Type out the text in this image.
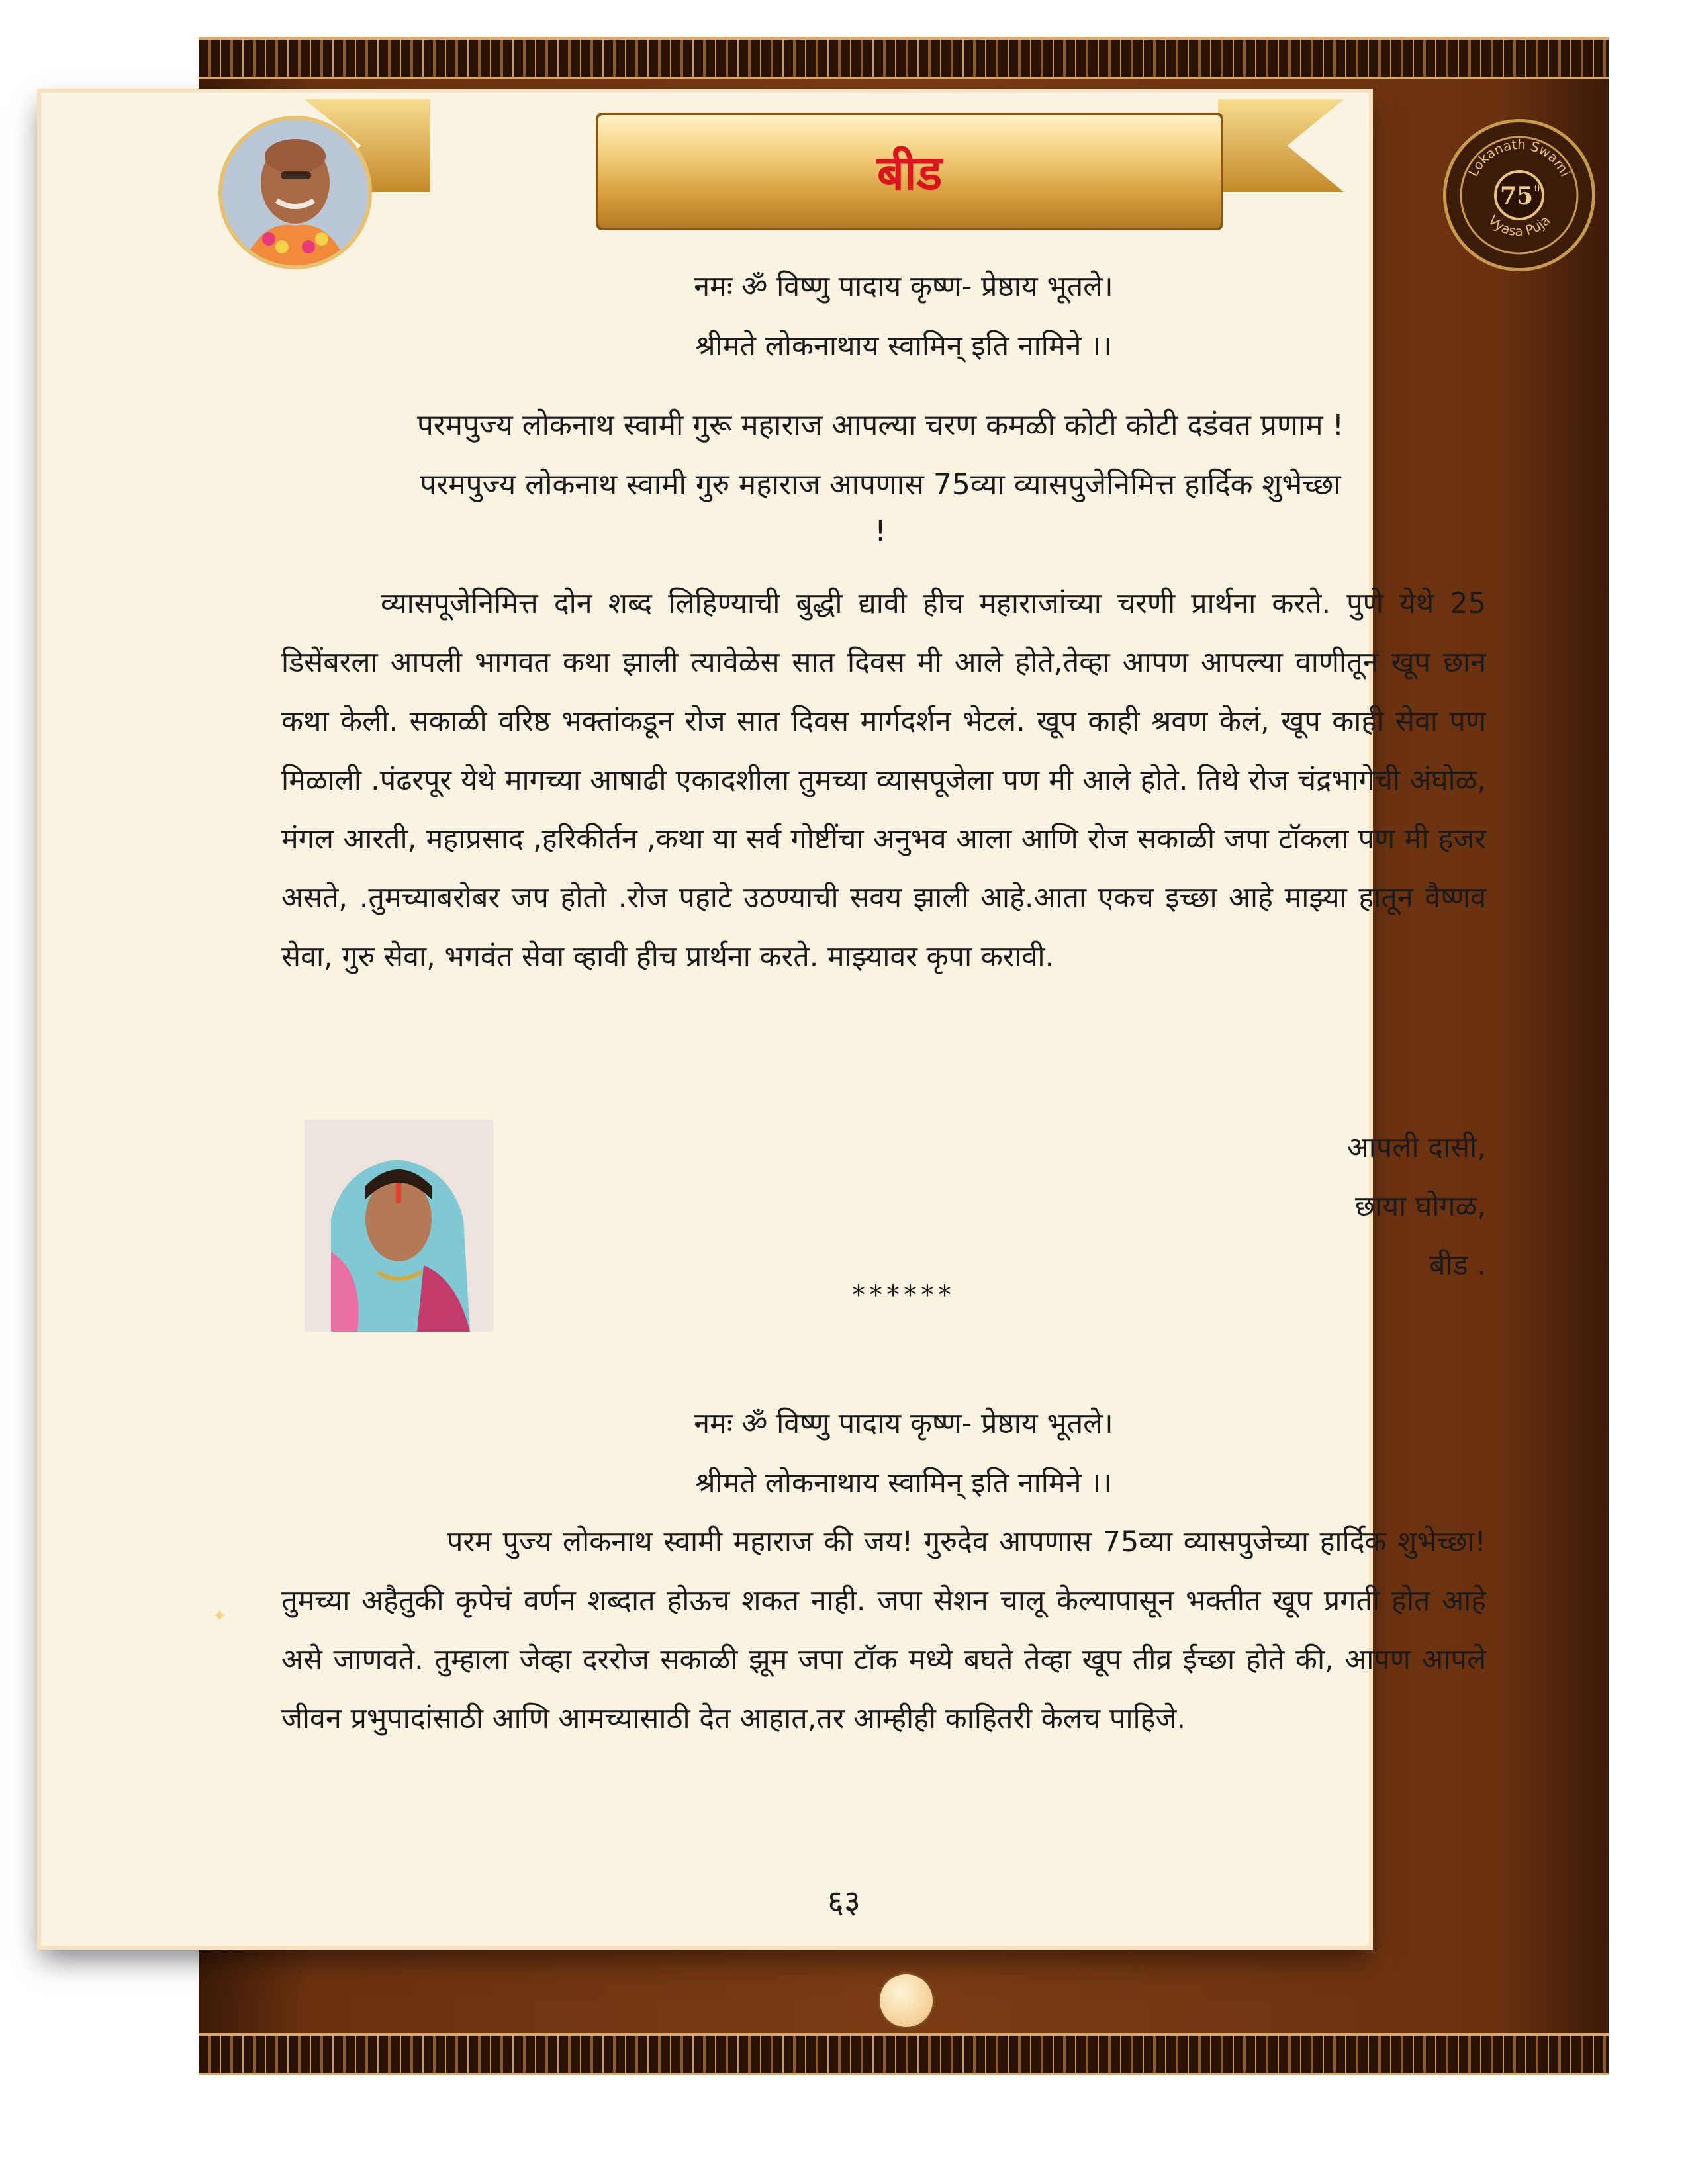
बीड	Lokanath Swami
75 th
Vyasa Puja
नमः ॐ विष्णु पादाय कृष्ण- प्रेष्ठाय भूतले।
श्रीमते लोकनाथाय स्वामिन् इति नामिने ।।
परमपुज्य लोकनाथ स्वामी गुरू महाराज आपल्या चरण कमळी कोटी कोटी दडंवत प्रणाम !
परमपुज्य लोकनाथ स्वामी गुरु महाराज आपणास 75व्या व्यासपुजेनिमित्त हार्दिक शुभेच्छा
!
व्यासपूजेनिमित्त दोन शब्द लिहिण्याची बुद्धी द्यावी हीच महाराजांच्या चरणी प्रार्थना करते. पुणे येथे 25 डिसेंबरला आपली भागवत कथा झाली त्यावेळेस सात दिवस मी आले होते,तेव्हा आपण आपल्या वाणीतून खूप छान कथा केली. सकाळी वरिष्ठ भक्तांकडून रोज सात दिवस मार्गदर्शन भेटलं. खूप काही श्रवण केलं, खूप काही सेवा पण मिळाली .पंढरपूर येथे मागच्या आषाढी एकादशीला तुमच्या व्यासपूजेला पण मी आले होते. तिथे रोज चंद्रभागेची अंघोळ, मंगल आरती, महाप्रसाद ,हरिकीर्तन ,कथा या सर्व गोष्टींचा अनुभव आला आणि रोज सकाळी जपा टॉकला पण मी हजर असते, .तुमच्याबरोबर जप होतो .रोज पहाटे उठण्याची सवय झाली आहे.आता एकच इच्छा आहे माझ्या हातून वैष्णव सेवा, गुरु सेवा, भगवंत सेवा व्हावी हीच प्रार्थना करते. माझ्यावर कृपा करावी.
आपली दासी,
छाया घोगळ,
बीड .
******
नमः ॐ विष्णु पादाय कृष्ण- प्रेष्ठाय भूतले।
श्रीमते लोकनाथाय स्वामिन् इति नामिने ।।
परम पुज्य लोकनाथ स्वामी महाराज की जय! गुरुदेव आपणास 75व्या व्यासपुजेच्या हार्दिक शुभेच्छा! तुमच्या अहैतुकी कृपेचं वर्णन शब्दात होऊच शकत नाही. जपा सेशन चालू केल्यापासून भक्तीत खूप प्रगती होत आहे असे जाणवते. तुम्हाला जेव्हा दररोज सकाळी झूम जपा टॉक मध्ये बघते तेव्हा खूप तीव्र ईच्छा होते की, आपण आपले जीवन प्रभुपादांसाठी आणि आमच्यासाठी देत आहात,तर आम्हीही काहितरी केलच पाहिजे.
✦
६३
